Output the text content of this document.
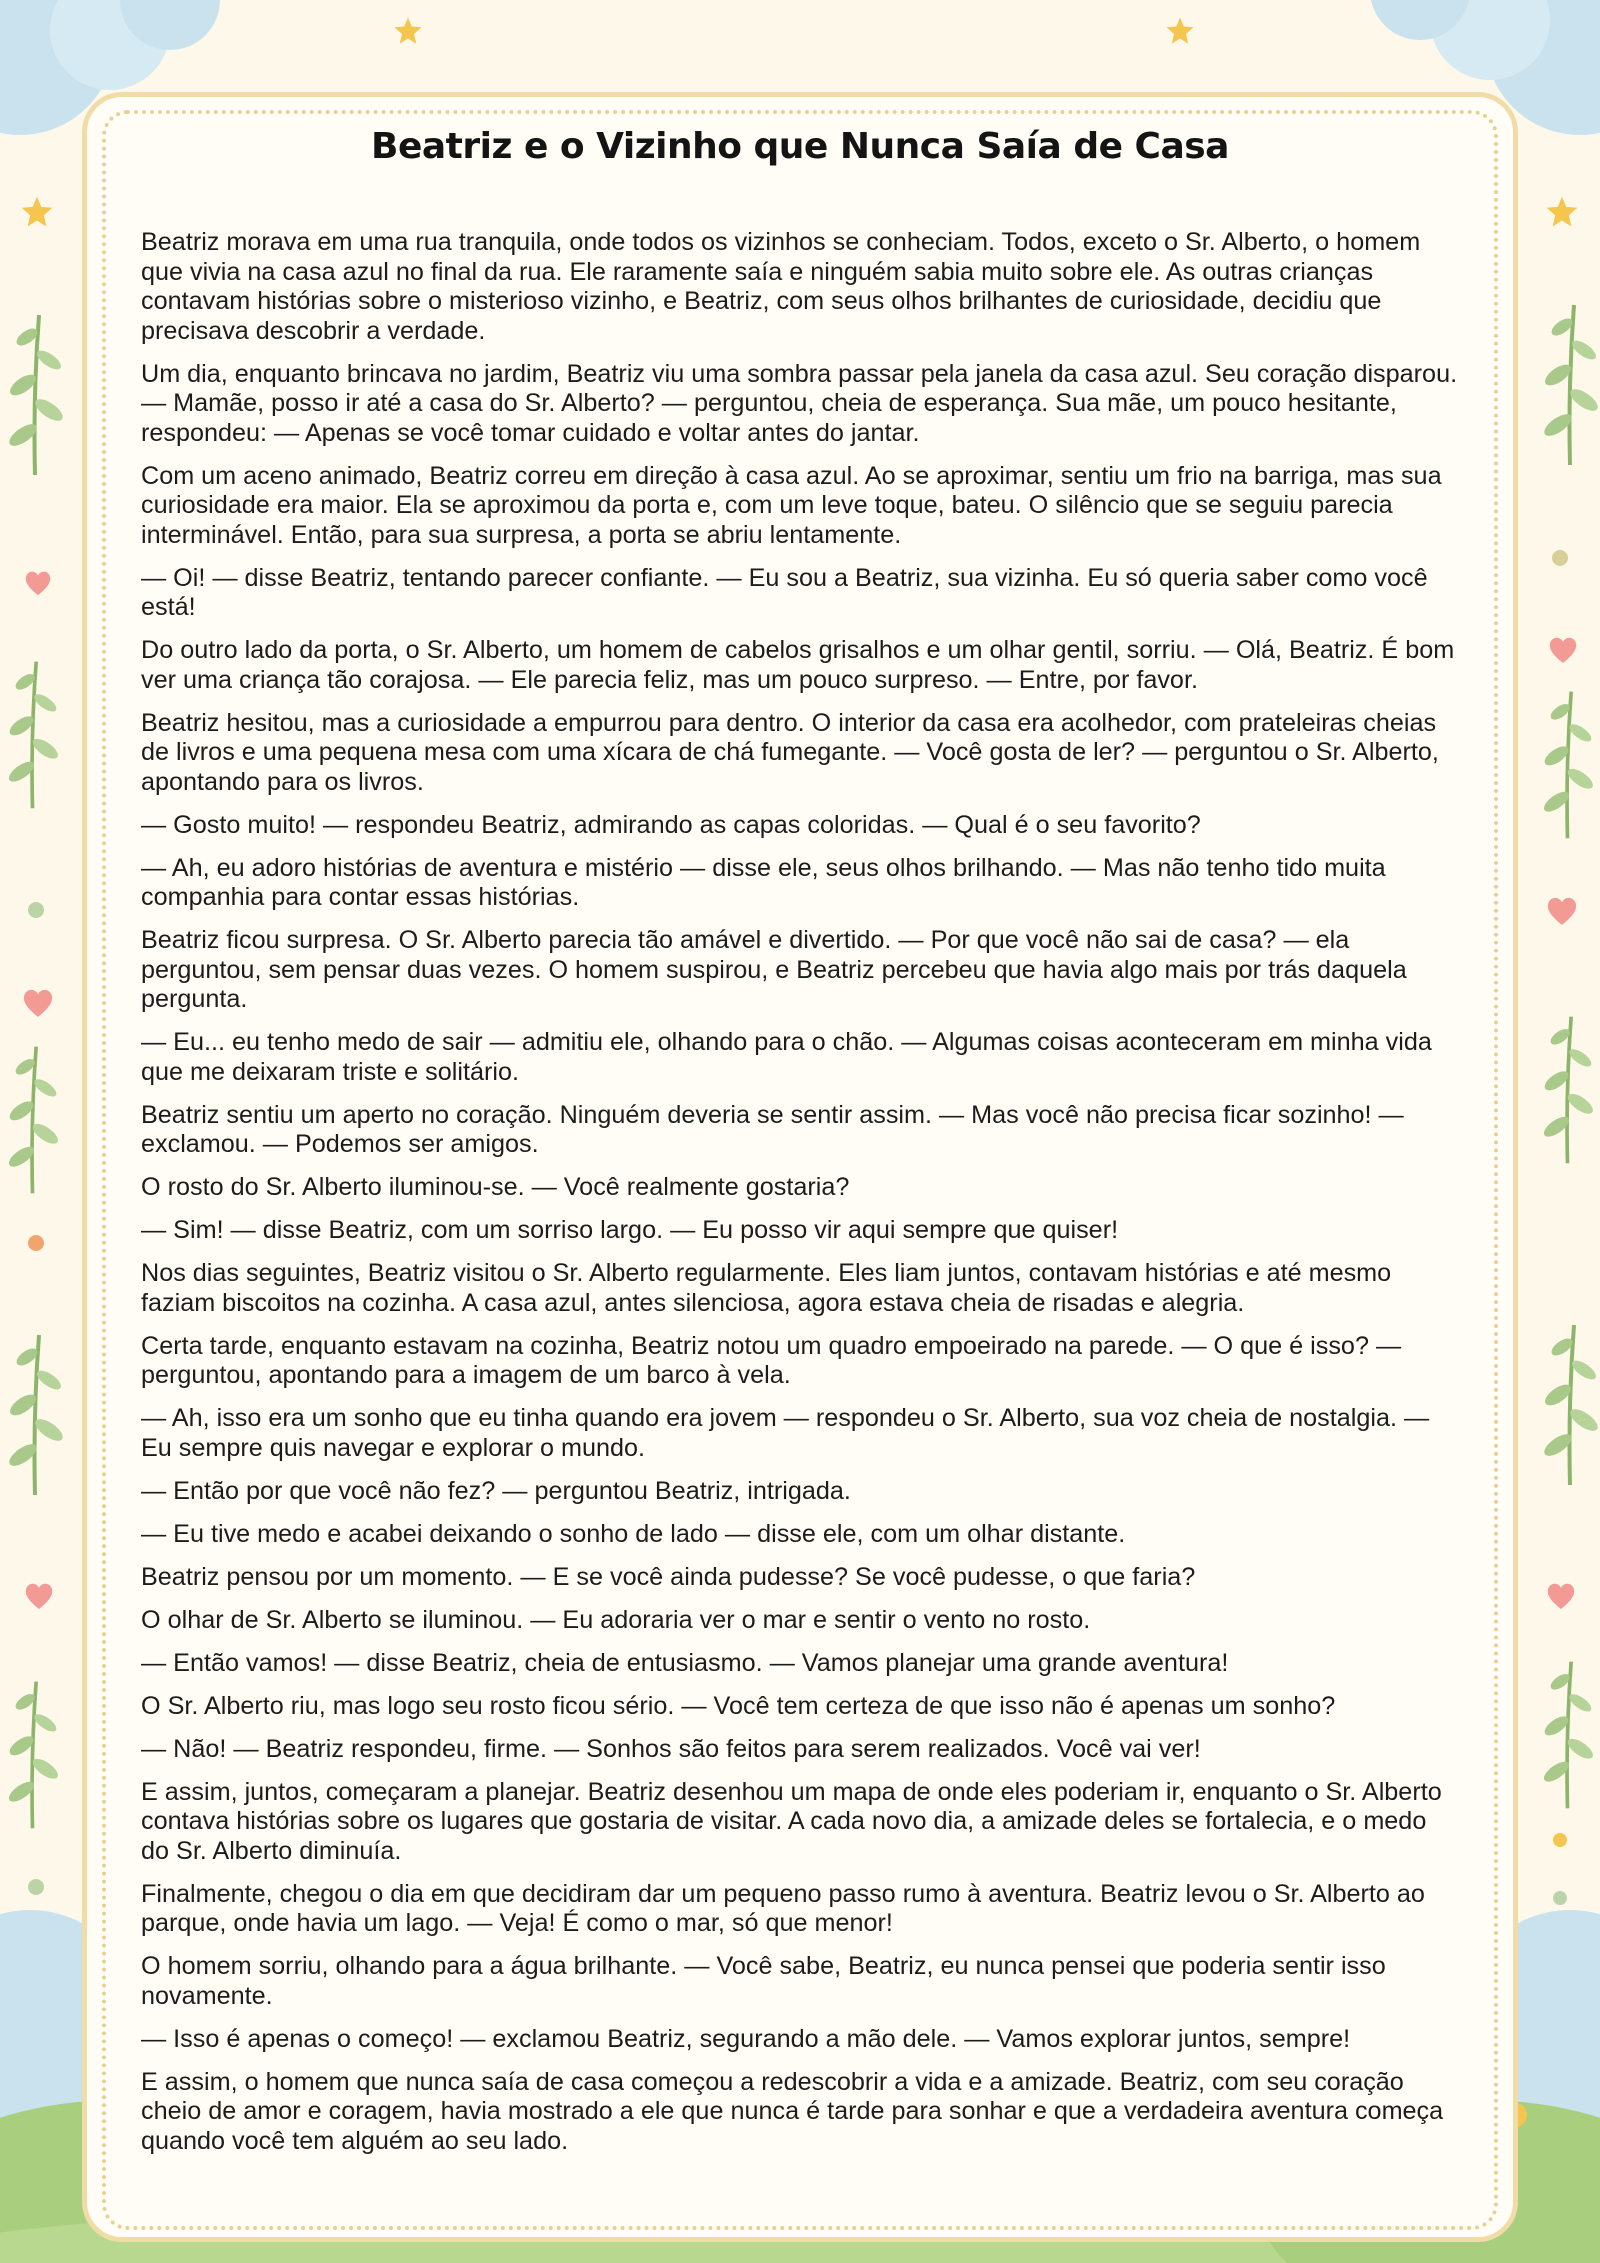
Beatriz e o Vizinho que Nunca Saía de Casa

Beatriz morava em uma rua tranquila, onde todos os vizinhos se conheciam. Todos, exceto o Sr. Alberto, o homem que vivia na casa azul no final da rua. Ele raramente saía e ninguém sabia muito sobre ele. As outras crianças contavam histórias sobre o misterioso vizinho, e Beatriz, com seus olhos brilhantes de curiosidade, decidiu que precisava descobrir a verdade.

Um dia, enquanto brincava no jardim, Beatriz viu uma sombra passar pela janela da casa azul. Seu coração disparou. — Mamãe, posso ir até a casa do Sr. Alberto? — perguntou, cheia de esperança. Sua mãe, um pouco hesitante, respondeu: — Apenas se você tomar cuidado e voltar antes do jantar.

Com um aceno animado, Beatriz correu em direção à casa azul. Ao se aproximar, sentiu um frio na barriga, mas sua curiosidade era maior. Ela se aproximou da porta e, com um leve toque, bateu. O silêncio que se seguiu parecia interminável. Então, para sua surpresa, a porta se abriu lentamente.

— Oi! — disse Beatriz, tentando parecer confiante. — Eu sou a Beatriz, sua vizinha. Eu só queria saber como você está!

Do outro lado da porta, o Sr. Alberto, um homem de cabelos grisalhos e um olhar gentil, sorriu. — Olá, Beatriz. É bom ver uma criança tão corajosa. — Ele parecia feliz, mas um pouco surpreso. — Entre, por favor.

Beatriz hesitou, mas a curiosidade a empurrou para dentro. O interior da casa era acolhedor, com prateleiras cheias de livros e uma pequena mesa com uma xícara de chá fumegante. — Você gosta de ler? — perguntou o Sr. Alberto, apontando para os livros.

— Gosto muito! — respondeu Beatriz, admirando as capas coloridas. — Qual é o seu favorito?

— Ah, eu adoro histórias de aventura e mistério — disse ele, seus olhos brilhando. — Mas não tenho tido muita companhia para contar essas histórias.

Beatriz ficou surpresa. O Sr. Alberto parecia tão amável e divertido. — Por que você não sai de casa? — ela perguntou, sem pensar duas vezes. O homem suspirou, e Beatriz percebeu que havia algo mais por trás daquela pergunta.

— Eu... eu tenho medo de sair — admitiu ele, olhando para o chão. — Algumas coisas aconteceram em minha vida que me deixaram triste e solitário.

Beatriz sentiu um aperto no coração. Ninguém deveria se sentir assim. — Mas você não precisa ficar sozinho! — exclamou. — Podemos ser amigos.

O rosto do Sr. Alberto iluminou-se. — Você realmente gostaria?

— Sim! — disse Beatriz, com um sorriso largo. — Eu posso vir aqui sempre que quiser!

Nos dias seguintes, Beatriz visitou o Sr. Alberto regularmente. Eles liam juntos, contavam histórias e até mesmo faziam biscoitos na cozinha. A casa azul, antes silenciosa, agora estava cheia de risadas e alegria.

Certa tarde, enquanto estavam na cozinha, Beatriz notou um quadro empoeirado na parede. — O que é isso? — perguntou, apontando para a imagem de um barco à vela.

— Ah, isso era um sonho que eu tinha quando era jovem — respondeu o Sr. Alberto, sua voz cheia de nostalgia. — Eu sempre quis navegar e explorar o mundo.

— Então por que você não fez? — perguntou Beatriz, intrigada.

— Eu tive medo e acabei deixando o sonho de lado — disse ele, com um olhar distante.

Beatriz pensou por um momento. — E se você ainda pudesse? Se você pudesse, o que faria?

O olhar de Sr. Alberto se iluminou. — Eu adoraria ver o mar e sentir o vento no rosto.

— Então vamos! — disse Beatriz, cheia de entusiasmo. — Vamos planejar uma grande aventura!

O Sr. Alberto riu, mas logo seu rosto ficou sério. — Você tem certeza de que isso não é apenas um sonho?

— Não! — Beatriz respondeu, firme. — Sonhos são feitos para serem realizados. Você vai ver!

E assim, juntos, começaram a planejar. Beatriz desenhou um mapa de onde eles poderiam ir, enquanto o Sr. Alberto contava histórias sobre os lugares que gostaria de visitar. A cada novo dia, a amizade deles se fortalecia, e o medo do Sr. Alberto diminuía.

Finalmente, chegou o dia em que decidiram dar um pequeno passo rumo à aventura. Beatriz levou o Sr. Alberto ao parque, onde havia um lago. — Veja! É como o mar, só que menor!

O homem sorriu, olhando para a água brilhante. — Você sabe, Beatriz, eu nunca pensei que poderia sentir isso novamente.

— Isso é apenas o começo! — exclamou Beatriz, segurando a mão dele. — Vamos explorar juntos, sempre!

E assim, o homem que nunca saía de casa começou a redescobrir a vida e a amizade. Beatriz, com seu coração cheio de amor e coragem, havia mostrado a ele que nunca é tarde para sonhar e que a verdadeira aventura começa quando você tem alguém ao seu lado.
